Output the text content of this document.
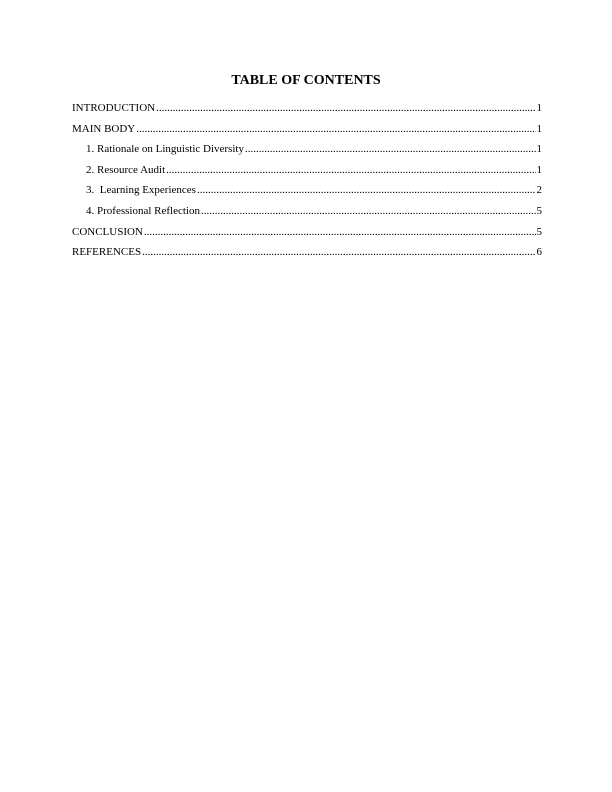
TABLE OF CONTENTS
INTRODUCTION .....	1
MAIN BODY .....	1
1. Rationale on Linguistic Diversity .....	1
2. Resource Audit .....	1
3.  Learning Experiences .....	2
4. Professional Reflection .....	5
CONCLUSION .....	5
REFERENCES .....	6
